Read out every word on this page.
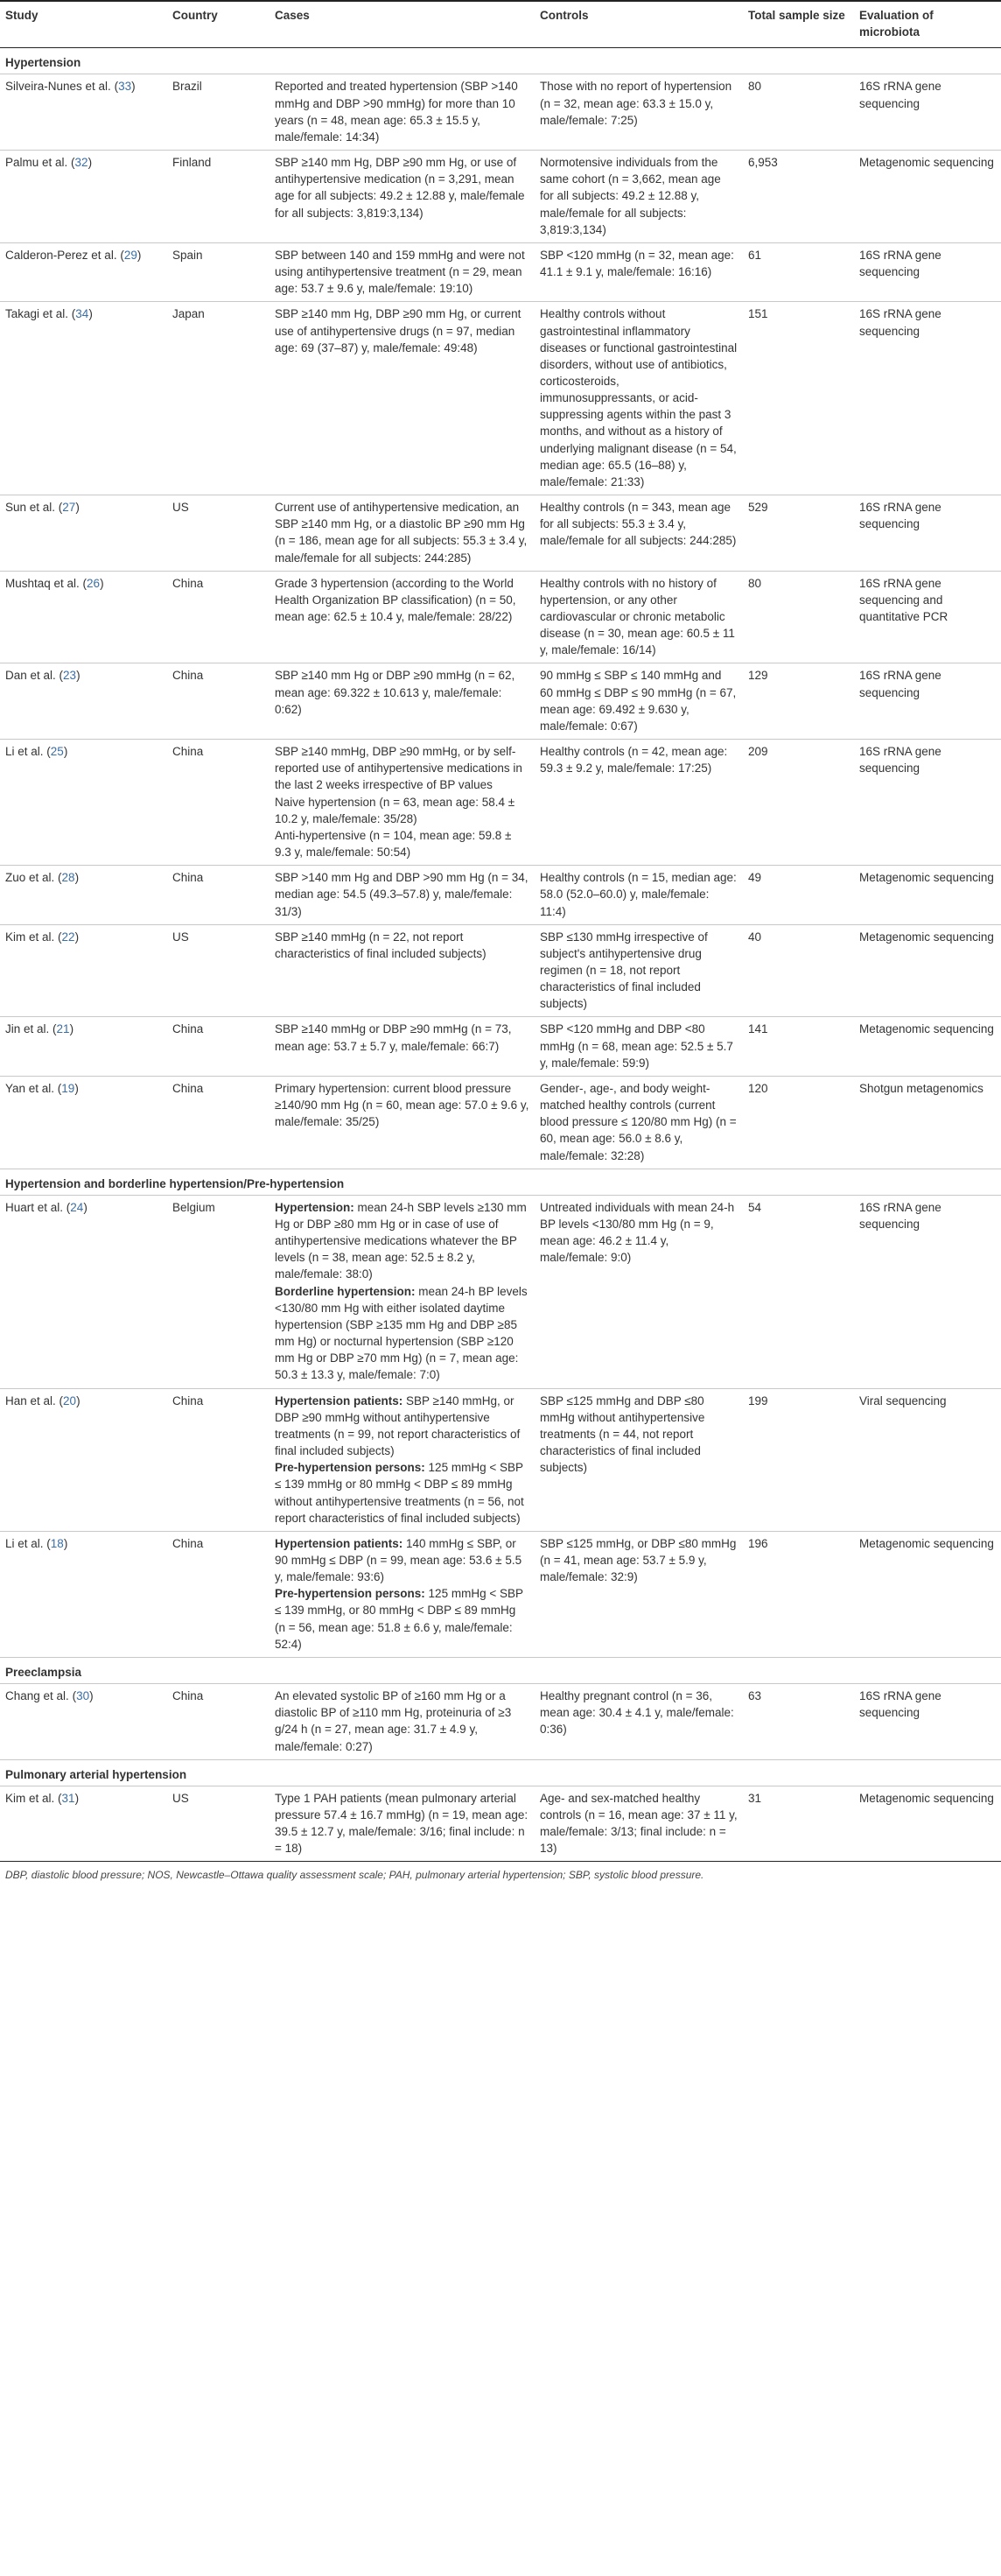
Study	Country	Cases	Controls	Total sample size	Evaluation of microbiota
Hypertension					
Silveira-Nunes et al. (33)	Brazil	Reported and treated hypertension (SBP >140 mmHg and DBP >90 mmHg) for more than 10 years (n = 48, mean age: 65.3 ± 15.5 y, male/female: 14:34)	Those with no report of hypertension (n = 32, mean age: 63.3 ± 15.0 y, male/female: 7:25)	80	16S rRNA gene sequencing
Palmu et al. (32)	Finland	SBP ≥140 mm Hg, DBP ≥90 mm Hg, or use of antihypertensive medication (n = 3,291, mean age for all subjects: 49.2 ± 12.88 y, male/female for all subjects: 3,819:3,134)	Normotensive individuals from the same cohort (n = 3,662, mean age for all subjects: 49.2 ± 12.88 y, male/female for all subjects: 3,819:3,134)	6,953	Metagenomic sequencing
Calderon-Perez et al. (29)	Spain	SBP between 140 and 159 mmHg and were not using antihypertensive treatment (n = 29, mean age: 53.7 ± 9.6 y, male/female: 19:10)	SBP <120 mmHg (n = 32, mean age: 41.1 ± 9.1 y, male/female: 16:16)	61	16S rRNA gene sequencing
Takagi et al. (34)	Japan	SBP ≥140 mm Hg, DBP ≥90 mm Hg, or current use of antihypertensive drugs (n = 97, median age: 69 (37–87) y, male/female: 49:48)	Healthy controls without gastrointestinal inflammatory diseases or functional gastrointestinal disorders, without use of antibiotics, corticosteroids, immunosuppressants, or acid-suppressing agents within the past 3 months, and without as a history of underlying malignant disease (n = 54, median age: 65.5 (16–88) y, male/female: 21:33)	151	16S rRNA gene sequencing
Sun et al. (27)	US	Current use of antihypertensive medication, an SBP ≥140 mm Hg, or a diastolic BP ≥90 mm Hg (n = 186, mean age for all subjects: 55.3 ± 3.4 y, male/female for all subjects: 244:285)	Healthy controls (n = 343, mean age for all subjects: 55.3 ± 3.4 y, male/female for all subjects: 244:285)	529	16S rRNA gene sequencing
Mushtaq et al. (26)	China	Grade 3 hypertension (according to the World Health Organization BP classification) (n = 50, mean age: 62.5 ± 10.4 y, male/female: 28/22)	Healthy controls with no history of hypertension, or any other cardiovascular or chronic metabolic disease (n = 30, mean age: 60.5 ± 11 y, male/female: 16/14)	80	16S rRNA gene sequencing and quantitative PCR
Dan et al. (23)	China	SBP ≥140 mm Hg or DBP ≥90 mmHg (n = 62, mean age: 69.322 ± 10.613 y, male/female: 0:62)	90 mmHg ≤ SBP ≤ 140 mmHg and 60 mmHg ≤ DBP ≤ 90 mmHg (n = 67, mean age: 69.492 ± 9.630 y, male/female: 0:67)	129	16S rRNA gene sequencing
Li et al. (25)	China	SBP ≥140 mmHg, DBP ≥90 mmHg, or by self-reported use of antihypertensive medications in the last 2 weeks irrespective of BP values
Naive hypertension (n = 63, mean age: 58.4 ± 10.2 y, male/female: 35/28)
Anti-hypertensive (n = 104, mean age: 59.8 ± 9.3 y, male/female: 50:54)	Healthy controls (n = 42, mean age: 59.3 ± 9.2 y, male/female: 17:25)	209	16S rRNA gene sequencing
Zuo et al. (28)	China	SBP >140 mm Hg and DBP >90 mm Hg (n = 34, median age: 54.5 (49.3–57.8) y, male/female: 31/3)	Healthy controls (n = 15, median age: 58.0 (52.0–60.0) y, male/female: 11:4)	49	Metagenomic sequencing
Kim et al. (22)	US	SBP ≥140 mmHg (n = 22, not report characteristics of final included subjects)	SBP ≤130 mmHg irrespective of subject's antihypertensive drug regimen (n = 18, not report characteristics of final included subjects)	40	Metagenomic sequencing
Jin et al. (21)	China	SBP ≥140 mmHg or DBP ≥90 mmHg (n = 73, mean age: 53.7 ± 5.7 y, male/female: 66:7)	SBP <120 mmHg and DBP <80 mmHg (n = 68, mean age: 52.5 ± 5.7 y, male/female: 59:9)	141	Metagenomic sequencing
Yan et al. (19)	China	Primary hypertension: current blood pressure ≥140/90 mm Hg (n = 60, mean age: 57.0 ± 9.6 y, male/female: 35/25)	Gender-, age-, and body weight-matched healthy controls (current blood pressure ≤ 120/80 mm Hg) (n = 60, mean age: 56.0 ± 8.6 y, male/female: 32:28)	120	Shotgun metagenomics
Hypertension and borderline hypertension/Pre-hypertension					
Huart et al. (24)	Belgium	Hypertension: mean 24-h SBP levels ≥130 mm Hg or DBP ≥80 mm Hg or in case of use of antihypertensive medications whatever the BP levels (n = 38, mean age: 52.5 ± 8.2 y, male/female: 38:0)
Borderline hypertension: mean 24-h BP levels <130/80 mm Hg with either isolated daytime hypertension (SBP ≥135 mm Hg and DBP ≥85 mm Hg) or nocturnal hypertension (SBP ≥120 mm Hg or DBP ≥70 mm Hg) (n = 7, mean age: 50.3 ± 13.3 y, male/female: 7:0)	Untreated individuals with mean 24-h BP levels <130/80 mm Hg (n = 9, mean age: 46.2 ± 11.4 y, male/female: 9:0)	54	16S rRNA gene sequencing
Han et al. (20)	China	Hypertension patients: SBP ≥140 mmHg, or DBP ≥90 mmHg without antihypertensive treatments (n = 99, not report characteristics of final included subjects)
Pre-hypertension persons: 125 mmHg < SBP ≤ 139 mmHg or 80 mmHg < DBP ≤ 89 mmHg without antihypertensive treatments (n = 56, not report characteristics of final included subjects)	SBP ≤125 mmHg and DBP ≤80 mmHg without antihypertensive treatments (n = 44, not report characteristics of final included subjects)	199	Viral sequencing
Li et al. (18)	China	Hypertension patients: 140 mmHg ≤ SBP, or 90 mmHg ≤ DBP (n = 99, mean age: 53.6 ± 5.5 y, male/female: 93:6)
Pre-hypertension persons: 125 mmHg < SBP ≤ 139 mmHg, or 80 mmHg < DBP ≤ 89 mmHg (n = 56, mean age: 51.8 ± 6.6 y, male/female: 52:4)	SBP ≤125 mmHg, or DBP ≤80 mmHg (n = 41, mean age: 53.7 ± 5.9 y, male/female: 32:9)	196	Metagenomic sequencing
Preeclampsia					
Chang et al. (30)	China	An elevated systolic BP of ≥160 mm Hg or a diastolic BP of ≥110 mm Hg, proteinuria of ≥3 g/24 h (n = 27, mean age: 31.7 ± 4.9 y, male/female: 0:27)	Healthy pregnant control (n = 36, mean age: 30.4 ± 4.1 y, male/female: 0:36)	63	16S rRNA gene sequencing
Pulmonary arterial hypertension					
Kim et al. (31)	US	Type 1 PAH patients (mean pulmonary arterial pressure 57.4 ± 16.7 mmHg) (n = 19, mean age: 39.5 ± 12.7 y, male/female: 3/16; final include: n = 18)	Age- and sex-matched healthy controls (n = 16, mean age: 37 ± 11 y, male/female: 3/13; final include: n = 13)	31	Metagenomic sequencing
DBP, diastolic blood pressure; NOS, Newcastle–Ottawa quality assessment scale; PAH, pulmonary arterial hypertension; SBP, systolic blood pressure.
